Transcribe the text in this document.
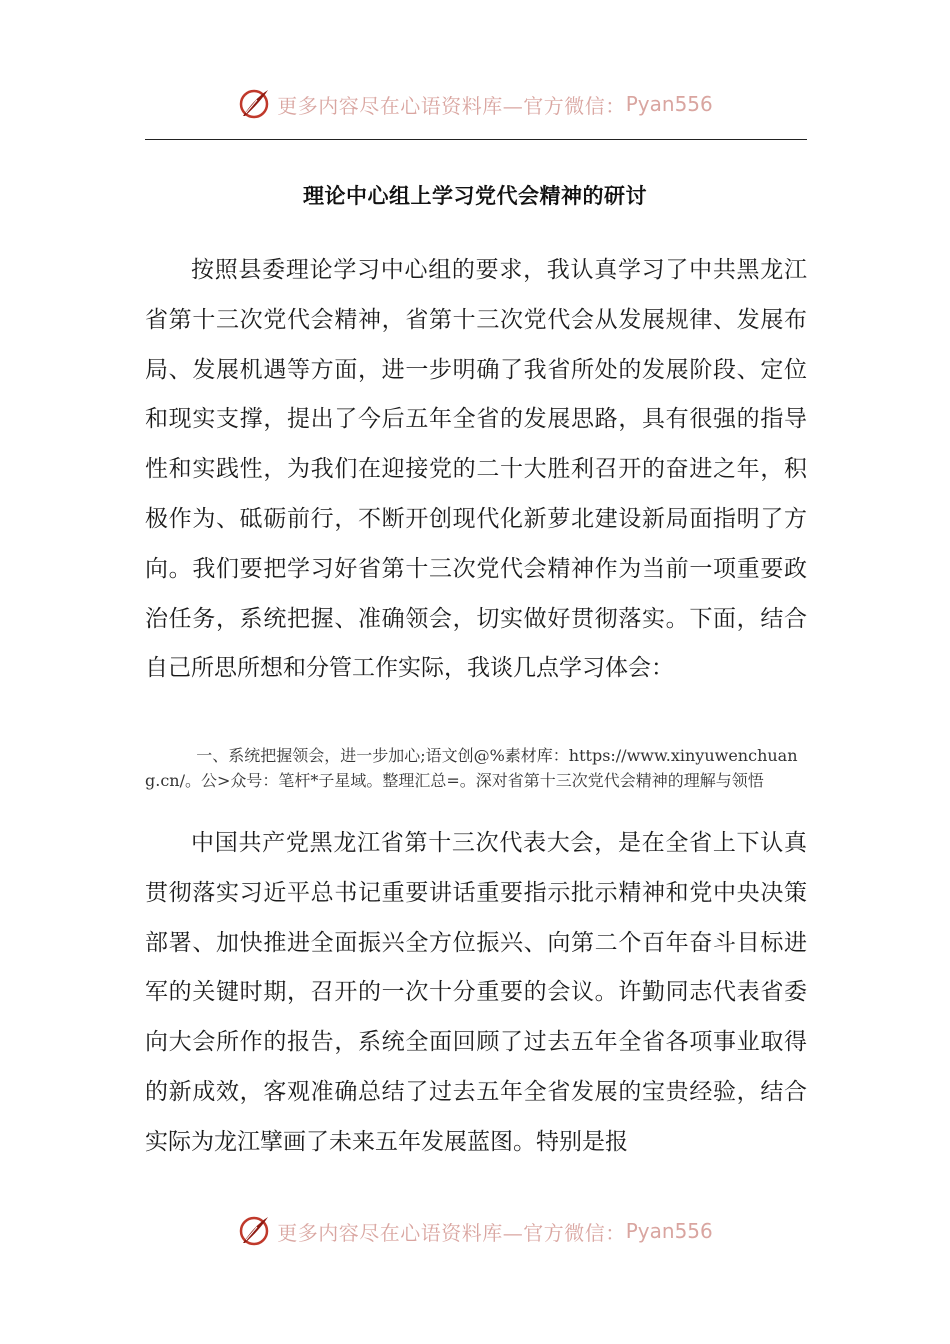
更多内容尽在心语资料库—官方微信： Pyan556
理论中心组上学习党代会精神的研讨

按照县委理论学习中心组的要求，我认真学习了中共黑龙江省第十三次党代会精神，省第十三次党代会从发展规律、发展布局、发展机遇等方面，进一步明确了我省所处的发展阶段、定位和现实支撑，提出了今后五年全省的发展思路，具有很强的指导性和实践性，为我们在迎接党的二十大胜利召开的奋进之年，积极作为、砥砺前行，不断开创现代化新萝北建设新局面指明了方向。我们要把学习好省第十三次党代会精神作为当前一项重要政治任务，系统把握、准确领会，切实做好贯彻落实。下面，结合自己所思所想和分管工作实际，我谈几点学习体会：

一、系统把握领会，进一步加心;语文创@%素材库：https://www.xinyuwenchuang.cn/。公>众号：笔杆*子星域。整理汇总=。深对省第十三次党代会精神的理解与领悟

中国共产党黑龙江省第十三次代表大会，是在全省上下认真贯彻落实习近平总书记重要讲话重要指示批示精神和党中央决策部署、加快推进全面振兴全方位振兴、向第二个百年奋斗目标进军的关键时期，召开的一次十分重要的会议。许勤同志代表省委向大会所作的报告，系统全面回顾了过去五年全省各项事业取得的新成效，客观准确总结了过去五年全省发展的宝贵经验，结合实际为龙江擘画了未来五年发展蓝图。特别是报

更多内容尽在心语资料库—官方微信： Pyan556
